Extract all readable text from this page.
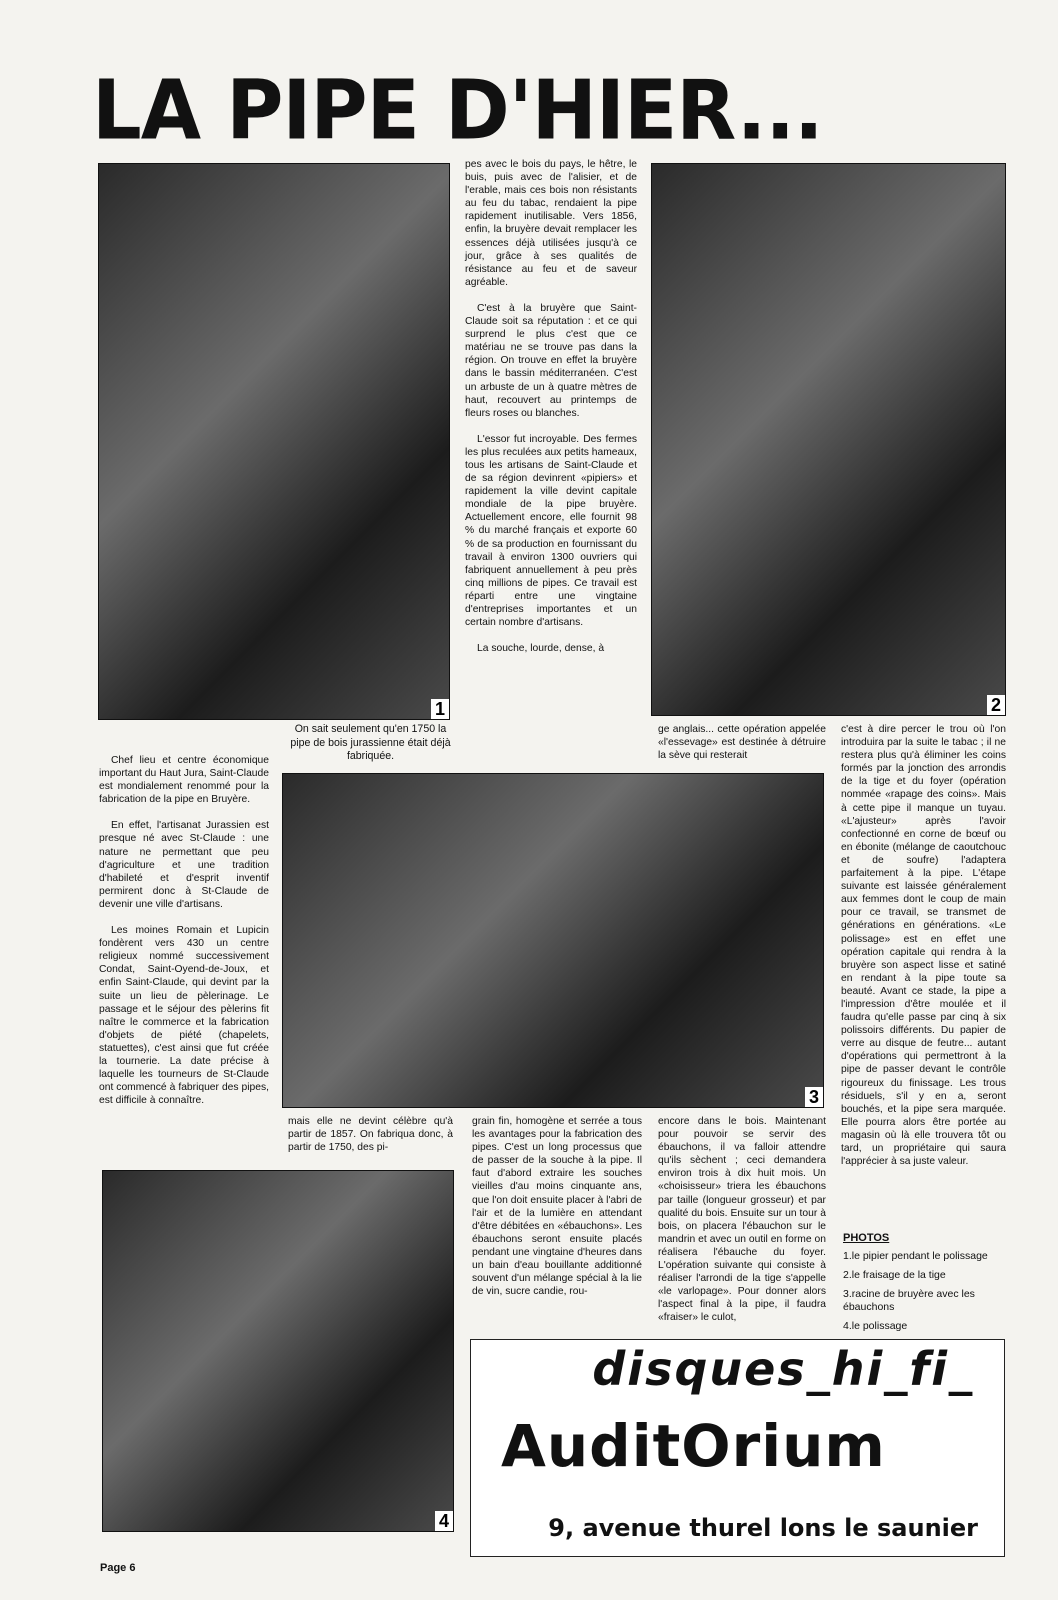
LA PIPE D'HIER...
1

pes avec le bois du pays, le hêtre, le buis, puis avec de l'alisier, et de l'erable, mais ces bois non résistants au feu du tabac, rendaient la pipe rapidement inutilisable. Vers 1856, enfin, la bruyère devait remplacer les essences déjà utilisées jusqu'à ce jour, grâce à ses qualités de résistance au feu et de saveur agréable.

C'est à la bruyère que Saint-Claude soit sa réputation : et ce qui surprend le plus c'est que ce matériau ne se trouve pas dans la région. On trouve en effet la bruyère dans le bassin méditerranéen. C'est un arbuste de un à quatre mètres de haut, recouvert au printemps de fleurs roses ou blanches.

L'essor fut incroyable. Des fermes les plus reculées aux petits hameaux, tous les artisans de Saint-Claude et de sa région devinrent «pipiers» et rapidement la ville devint capitale mondiale de la pipe bruyère. Actuellement encore, elle fournit 98 % du marché français et exporte 60 % de sa production en fournissant du travail à environ 1300 ouvriers qui fabriquent annuellement à peu près cinq millions de pipes. Ce travail est réparti entre une vingtaine d'entreprises importantes et un certain nombre d'artisans.

La souche, lourde, dense, à

2
On sait seulement qu'en 1750 la pipe de bois jurassienne était déjà fabriquée.

Chef lieu et centre économique important du Haut Jura, Saint-Claude est mondialement renommé pour la fabrication de la pipe en Bruyère.

En effet, l'artisanat Jurassien est presque né avec St-Claude : une nature ne permettant que peu d'agriculture et une tradition d'habileté et d'esprit inventif permirent donc à St-Claude de devenir une ville d'artisans.

Les moines Romain et Lupicin fondèrent vers 430 un centre religieux nommé successivement Condat, Saint-Oyend-de-Joux, et enfin Saint-Claude, qui devint par la suite un lieu de pèlerinage. Le passage et le séjour des pèlerins fit naître le commerce et la fabrication d'objets de piété (chapelets, statuettes), c'est ainsi que fut créée la tournerie. La date précise à laquelle les tourneurs de St-Claude ont commencé à fabriquer des pipes, est difficile à connaître.

ge anglais... cette opération appelée «l'essevage» est destinée à détruire la sève qui resterait
c'est à dire percer le trou où l'on introduira par la suite le tabac ; il ne restera plus qu'à éliminer les coins formés par la jonction des arrondis de la tige et du foyer (opération nommée «rapage des coins». Mais à cette pipe il manque un tuyau. «L'ajusteur» après l'avoir confectionné en corne de bœuf ou en ébonite (mélange de caoutchouc et de soufre) l'adaptera parfaitement à la pipe. L'étape suivante est laissée généralement aux femmes dont le coup de main pour ce travail, se transmet de générations en générations. «Le polissage» est en effet une opération capitale qui rendra à la bruyère son aspect lisse et satiné en rendant à la pipe toute sa beauté. Avant ce stade, la pipe a l'impression d'être moulée et il faudra qu'elle passe par cinq à six polissoirs différents. Du papier de verre au disque de feutre... autant d'opérations qui permettront à la pipe de passer devant le contrôle rigoureux du finissage. Les trous résiduels, s'il y en a, seront bouchés, et la pipe sera marquée. Elle pourra alors être portée au magasin où là elle trouvera tôt ou tard, un propriétaire qui saura l'apprécier à sa juste valeur.
3
mais elle ne devint célèbre qu'à partir de 1857. On fabriqua donc, à partir de 1750, des pi-
grain fin, homogène et serrée a tous les avantages pour la fabrication des pipes. C'est un long processus que de passer de la souche à la pipe. Il faut d'abord extraire les souches vieilles d'au moins cinquante ans, que l'on doit ensuite placer à l'abri de l'air et de la lumière en attendant d'être débitées en «ébauchons». Les ébauchons seront ensuite placés pendant une vingtaine d'heures dans un bain d'eau bouillante additionné souvent d'un mélange spécial à la lie de vin, sucre candie, rou-
encore dans le bois. Maintenant pour pouvoir se servir des ébauchons, il va falloir attendre qu'ils sèchent ; ceci demandera environ trois à dix huit mois. Un «choisisseur» triera les ébauchons par taille (longueur grosseur) et par qualité du bois. Ensuite sur un tour à bois, on placera l'ébauchon sur le mandrin et avec un outil en forme on réalisera l'ébauche du foyer. L'opération suivante qui consiste à réaliser l'arrondi de la tige s'appelle «le varlopage». Pour donner alors l'aspect final à la pipe, il faudra «fraiser» le culot,
4
PHOTOS
1.le pipier pendant le polissage
2.le fraisage de la tige
3.racine de bruyère avec les ébauchons
4.le polissage
disques_hi_fi_
AuditOrium
9, avenue thurel lons le saunier
Page 6
